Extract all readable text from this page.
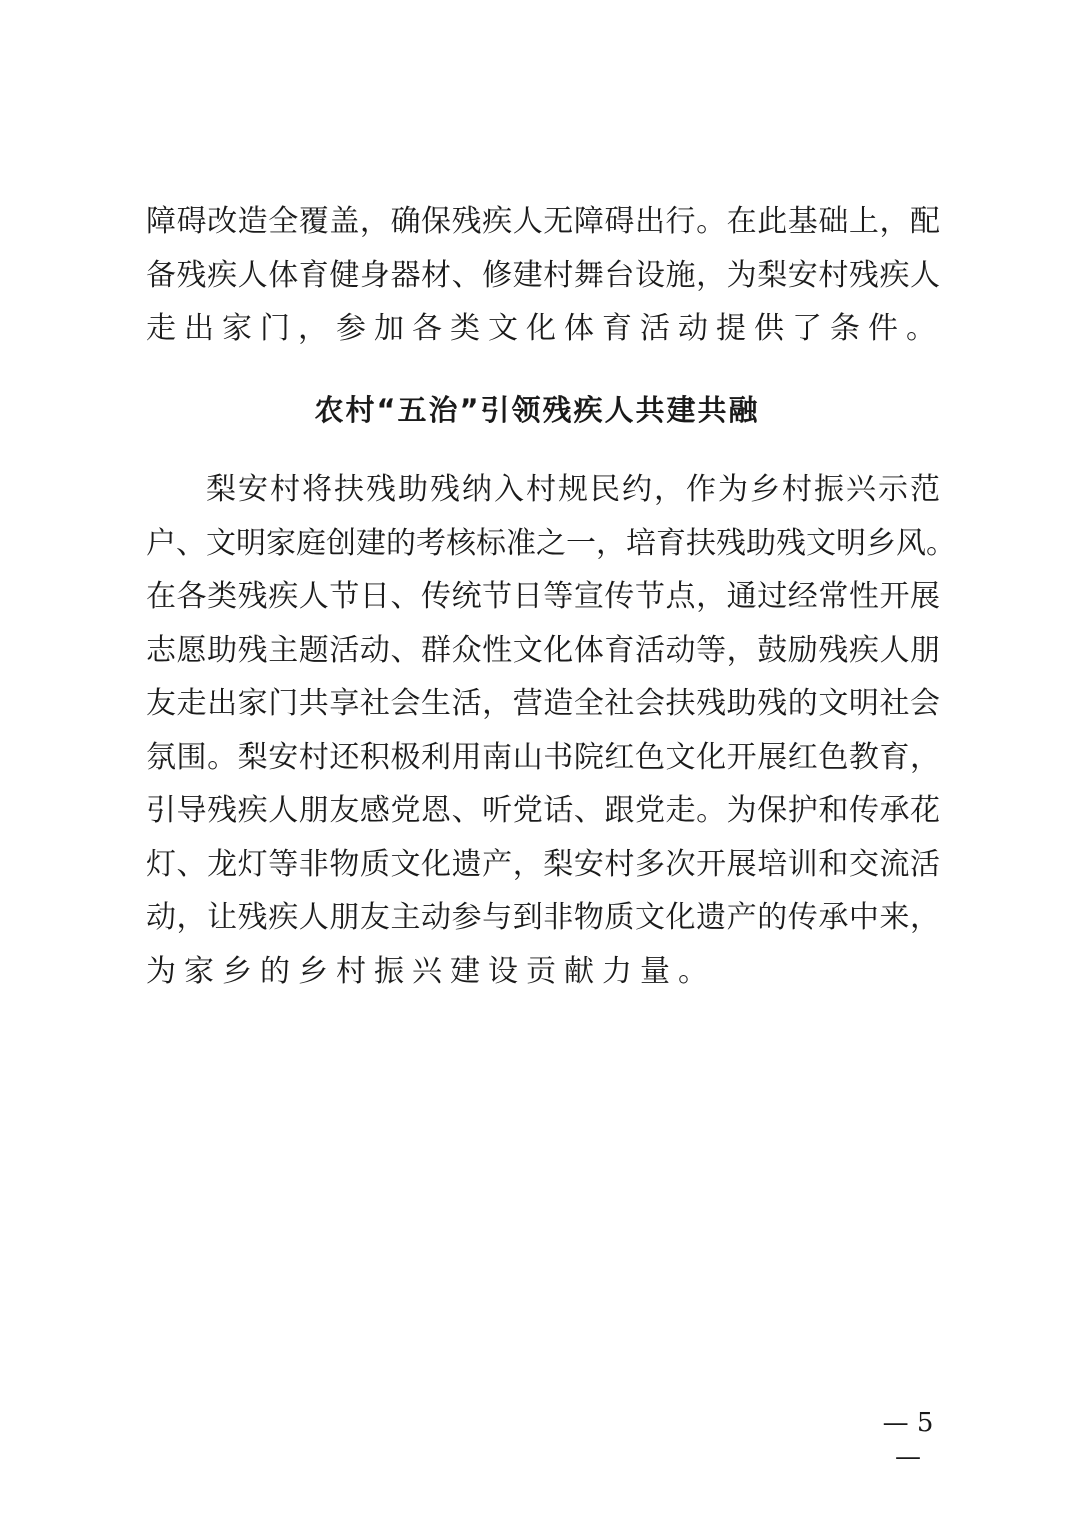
障碍改造全覆盖，确保残疾人无障碍出行。在此基础上，配
备残疾人体育健身器材、修建村舞台设施，为梨安村残疾人
走出家门，参加各类文化体育活动提供了条件。
农村“五治”引领残疾人共建共融
梨安村将扶残助残纳入村规民约，作为乡村振兴示范
户、文明家庭创建的考核标准之一，培育扶残助残文明乡风。
在各类残疾人节日、传统节日等宣传节点，通过经常性开展
志愿助残主题活动、群众性文化体育活动等，鼓励残疾人朋
友走出家门共享社会生活，营造全社会扶残助残的文明社会
氛围。梨安村还积极利用南山书院红色文化开展红色教育，
引导残疾人朋友感党恩、听党话、跟党走。为保护和传承花
灯、龙灯等非物质文化遗产，梨安村多次开展培训和交流活
动，让残疾人朋友主动参与到非物质文化遗产的传承中来，
为家乡的乡村振兴建设贡献力量。
— 5 —
